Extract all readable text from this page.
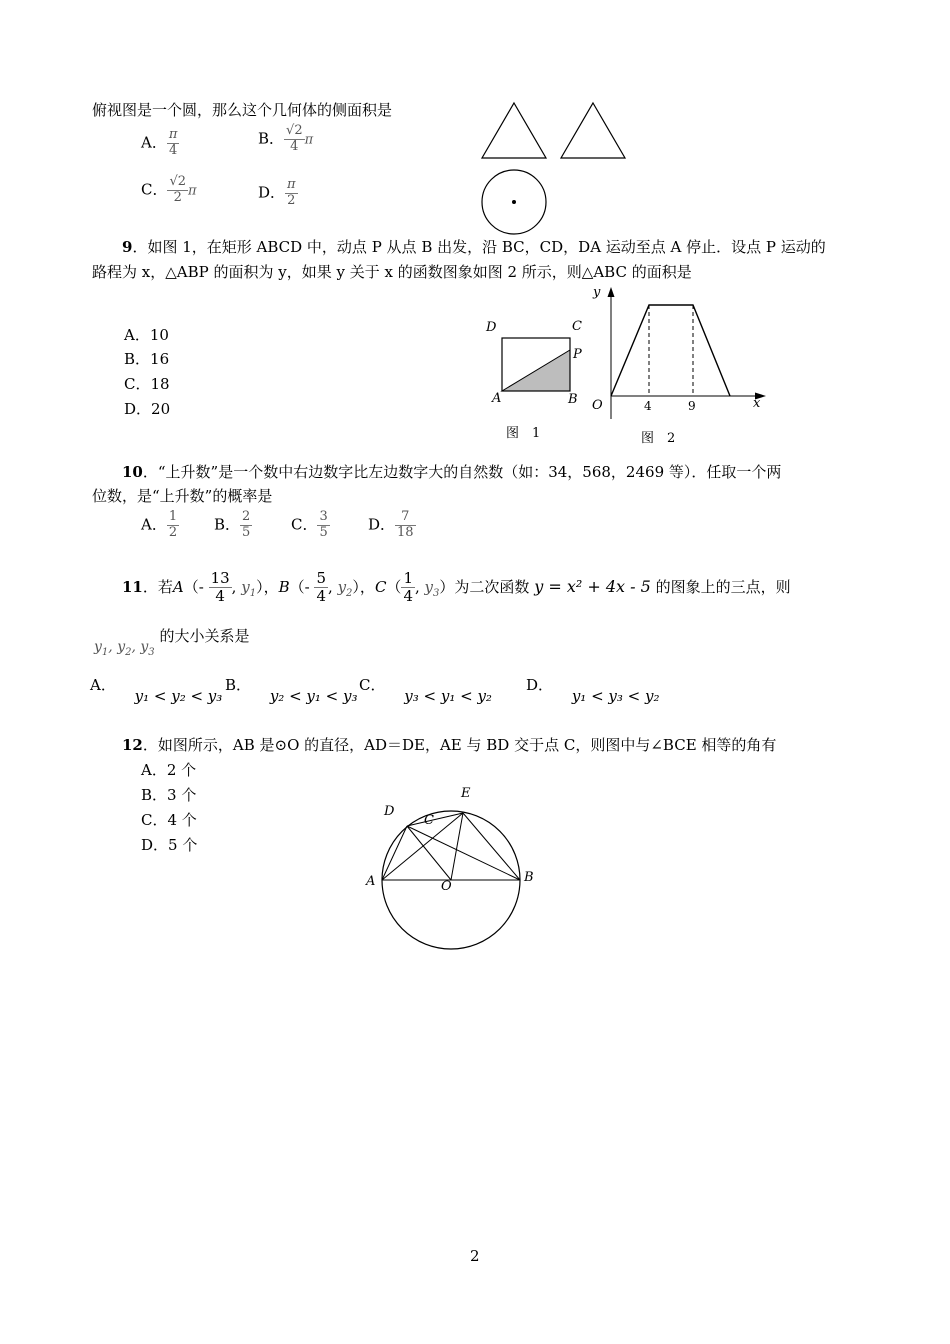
俯视图是一个圆，那么这个几何体的侧面积是
A． $\frac{\pi}{4}$	B． $\frac{√2}{4}$ π
C． $\frac{√2}{2}$ π	D． $\frac{\pi}{2}$
9．如图 1，在矩形 ABCD 中，动点 P 从点 B 出发，沿 BC，CD，DA 运动至点 A 停止．设点 P 运动的
路程为 x，△ABP 的面积为 y，如果 y 关于 x 的函数图象如图 2 所示，则△ABC 的面积是
A．10
B．16
C．18
D．20
D	C
P
A	B
图　1
y
x
O	4	9
图　2
10．“上升数”是一个数中右边数字比左边数字大的自然数（如：34，568，2469 等）．任取一个两
位数，是“上升数”的概率是
A． $\frac{1}{2}$ B． $\frac{2}{5}$	C． $\frac{3}{5}$	D． $\frac{7}{18}$
11．若$A(- \frac{13}{4}$ , $y_1$），$B(- \frac{5}{4}$ , $y_2$），$C( \frac{1}{4}$ , $y_3$）为二次函数 y = x² + 4x - 5 的图象上的三点，则
$y_1$, $y_2$, $y_3$ 的大小关系是
A． y₁ < y₂ < y₃
B． y₂ < y₁ < y₃
C． y₃ < y₁ < y₂
D． y₁ < y₃ < y₂
12．如图所示，AB 是⊙O 的直径，AD＝DE，AE 与 BD 交于点 C，则图中与∠BCE 相等的角有
A．2 个
B．3 个
C．4 个
D．5 个
D
E
C
A	O
B
2
